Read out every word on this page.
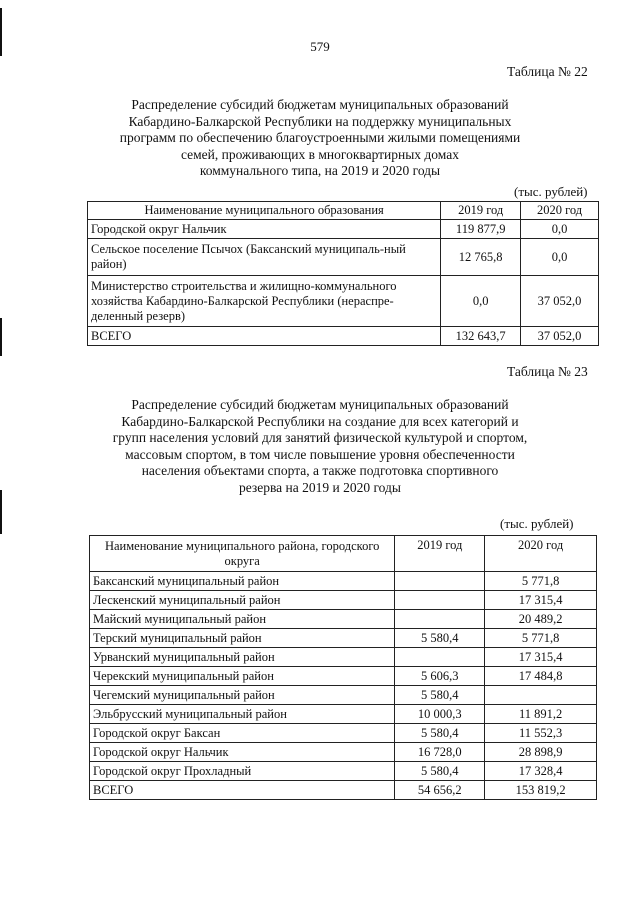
579
Таблица № 22
Распределение субсидий бюджетам муниципальных образований
Кабардино-Балкарской Республики на поддержку муниципальных
программ по обеспечению благоустроенными жилыми помещениями
семей, проживающих в многоквартирных домах
коммунального типа, на 2019 и 2020 годы
(тыс. рублей)
Наименование муниципального образования	2019 год	2020 год
Городской округ Нальчик	119 877,9	0,0
Сельское поселение Псычох (Баксанский муниципаль-ный район)	12 765,8	0,0
Министерство строительства и жилищно-коммунального хозяйства Кабардино-Балкарской Республики (нераспре-деленный резерв)	0,0	37 052,0
ВСЕГО	132 643,7	37 052,0
Таблица № 23
Распределение субсидий бюджетам муниципальных образований
Кабардино-Балкарской Республики на создание для всех категорий и
групп населения условий для занятий физической культурой и спортом,
массовым спортом, в том числе повышение уровня обеспеченности
населения объектами спорта, а также подготовка спортивного
резерва на 2019 и 2020 годы
(тыс. рублей)
Наименование муниципального района, городского округа	2019 год	2020 год
Баксанский муниципальный район		5 771,8
Лескенский муниципальный район		17 315,4
Майский муниципальный район		20 489,2
Терский муниципальный район	5 580,4	5 771,8
Урванский муниципальный район		17 315,4
Черекский муниципальный район	5 606,3	17 484,8
Чегемский муниципальный район	5 580,4	
Эльбрусский муниципальный район	10 000,3	11 891,2
Городской округ Баксан	5 580,4	11 552,3
Городской округ Нальчик	16 728,0	28 898,9
Городской округ Прохладный	5 580,4	17 328,4
ВСЕГО	54 656,2	153 819,2
